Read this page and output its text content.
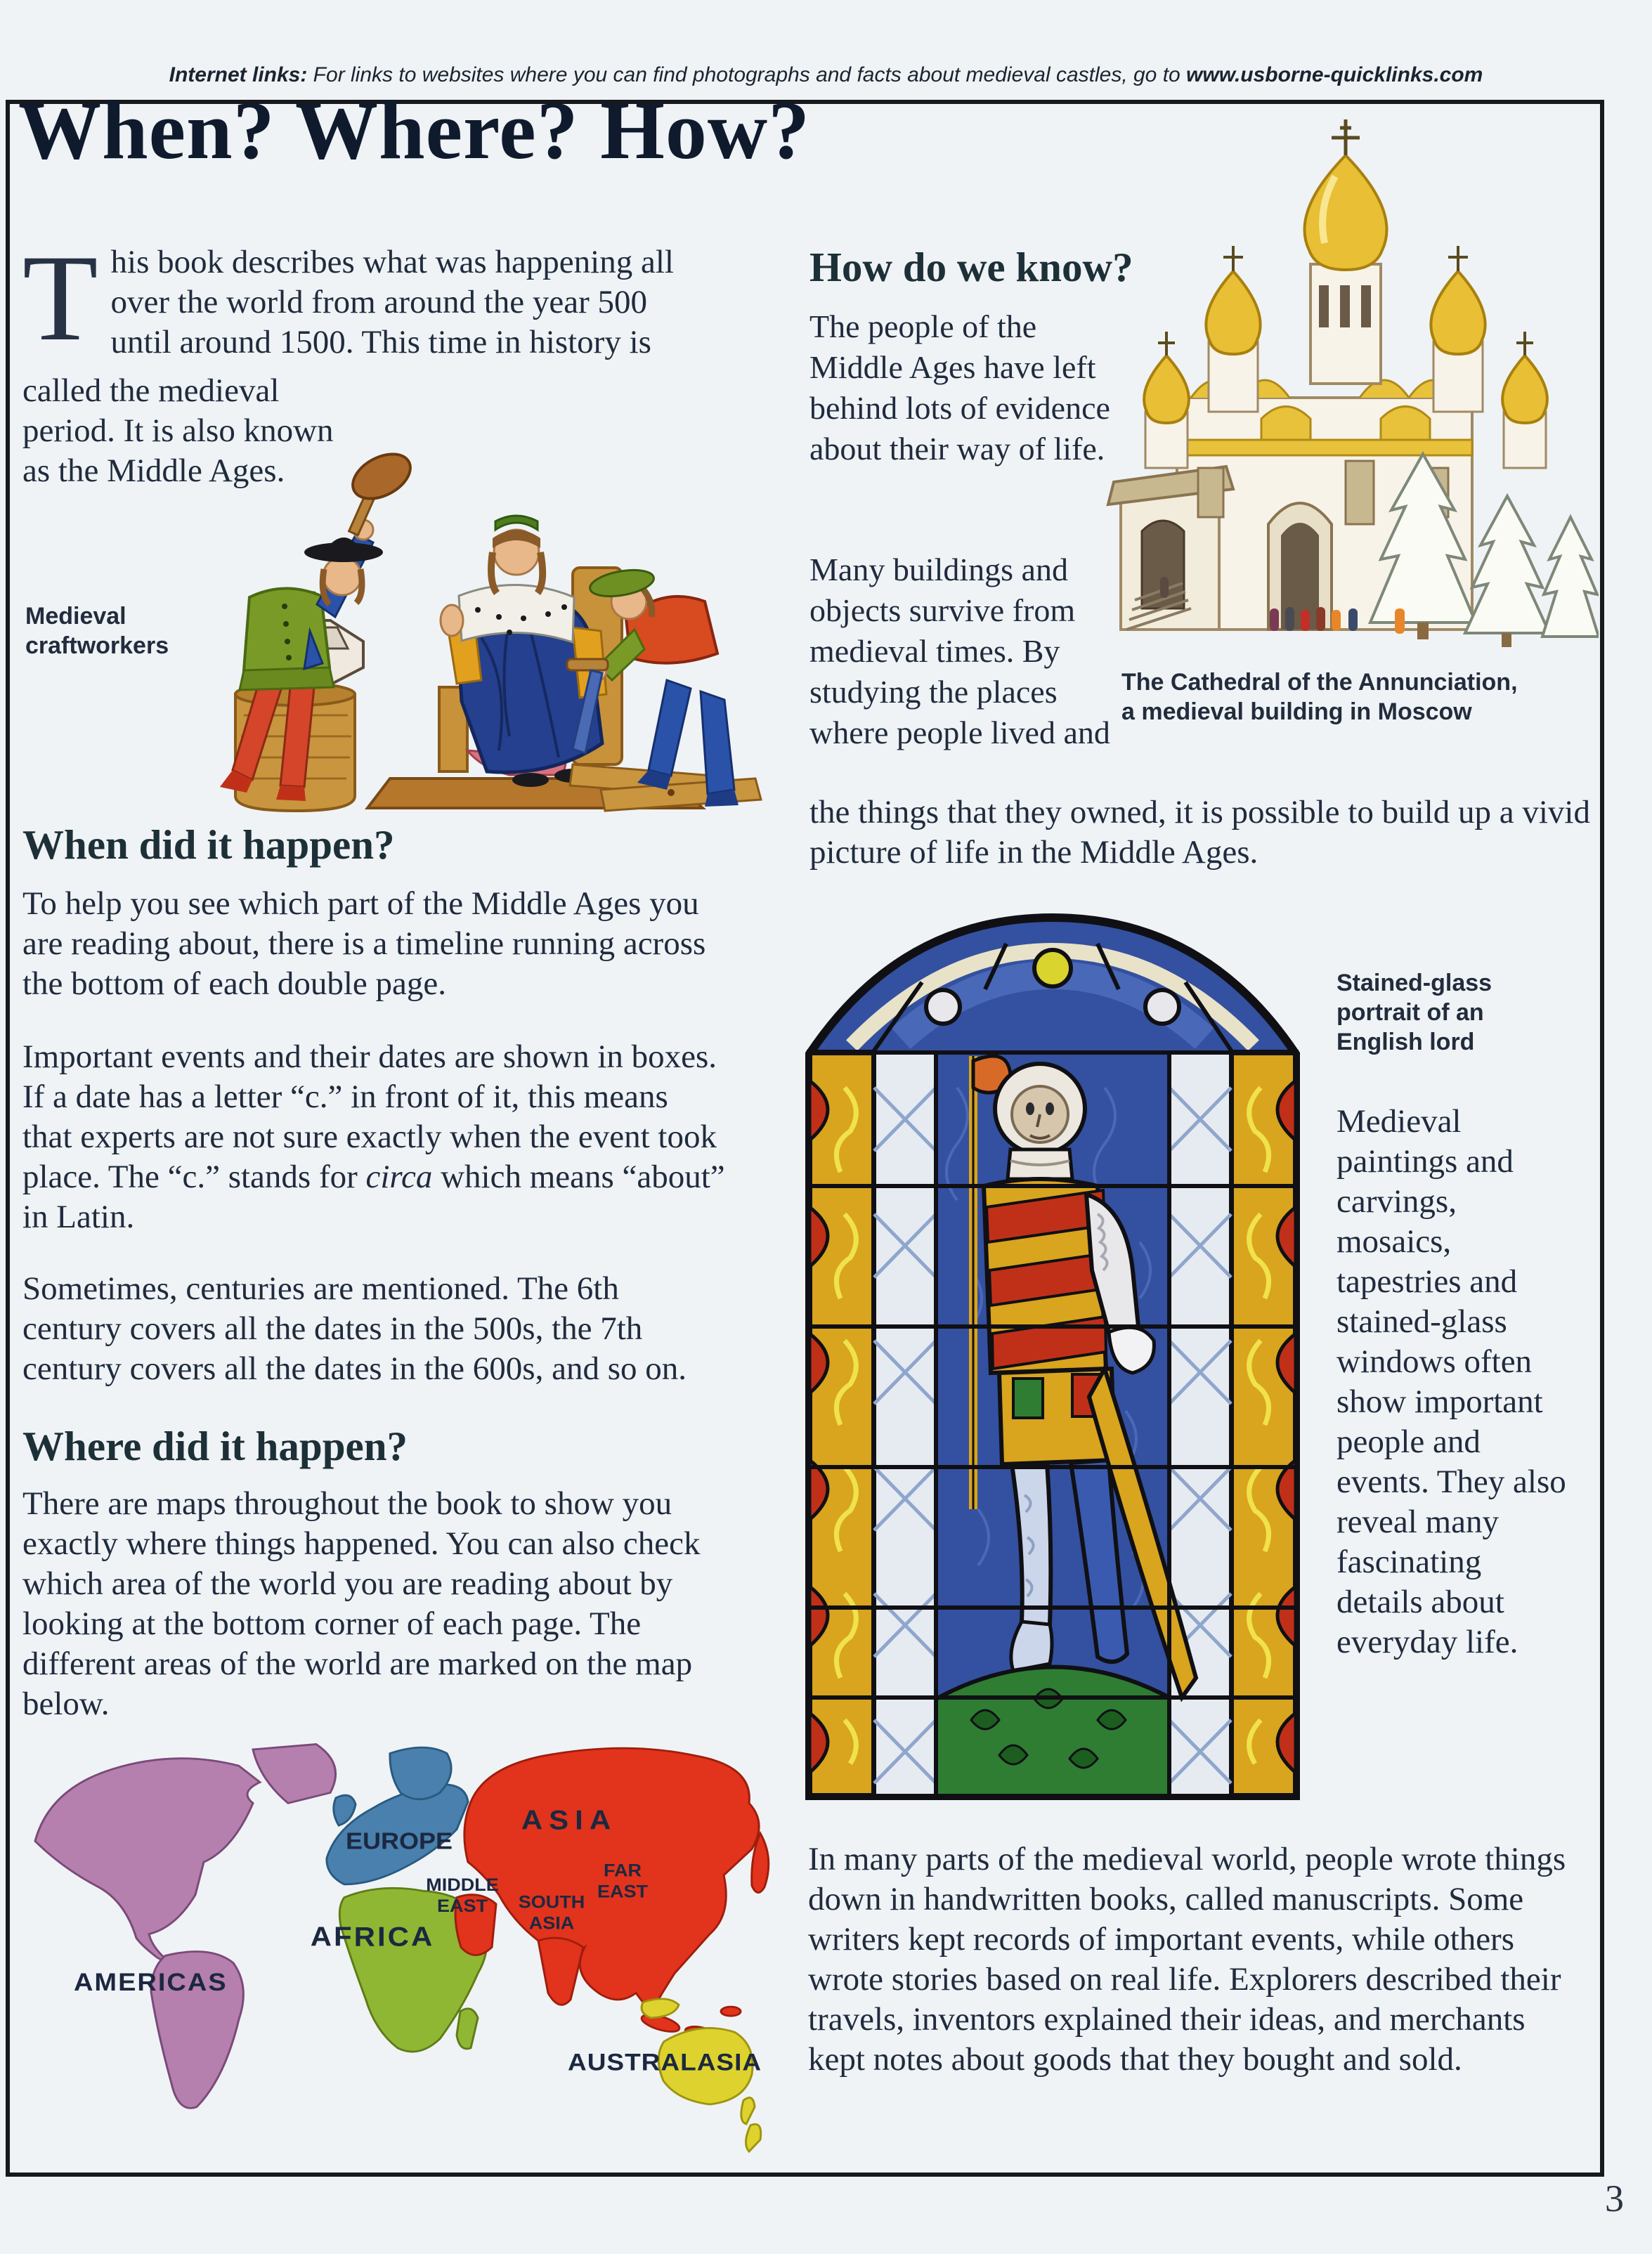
Internet links: For links to websites where you can find photographs and facts about medieval castles, go to www.usborne-quicklinks.com
When? Where? How?
This book describes what was happening all over the world from around the year 500 until around 1500. This time in history is
called the medieval period. It is also known as the Middle Ages.
Medieval craftworkers
When did it happen?
To help you see which part of the Middle Ages you are reading about, there is a timeline running across the bottom of each double page.
Important events and their dates are shown in boxes. If a date has a letter “c.” in front of it, this means that experts are not sure exactly when the event took place. The “c.” stands for circa which means “about” in Latin.
Sometimes, centuries are mentioned. The 6th century covers all the dates in the 500s, the 7th century covers all the dates in the 600s, and so on.
Where did it happen?
There are maps throughout the book to show you exactly where things happened. You can also check which area of the world you are reading about by looking at the bottom corner of each page. The different areas of the world are marked on the map below.
AMERICAS
EUROPE
ASIA
MIDDLE
EAST SOUTH
ASIA
FAR
EAST
AFRICA
AUSTRALASIA
How do we know?
The people of the Middle Ages have left behind lots of evidence about their way of life.
Many buildings and objects survive from medieval times. By studying the places where people lived and
the things that they owned, it is possible to build up a vivid picture of life in the Middle Ages.
The Cathedral of the Annunciation, a medieval building in Moscow
Stained-glass portrait of an English lord
Medieval paintings and carvings, mosaics, tapestries and stained-glass windows often show important people and events. They also reveal many fascinating details about everyday life.
In many parts of the medieval world, people wrote things down in handwritten books, called manuscripts. Some writers kept records of important events, while others wrote stories based on real life. Explorers described their travels, inventors explained their ideas, and merchants kept notes about goods that they bought and sold.
3
